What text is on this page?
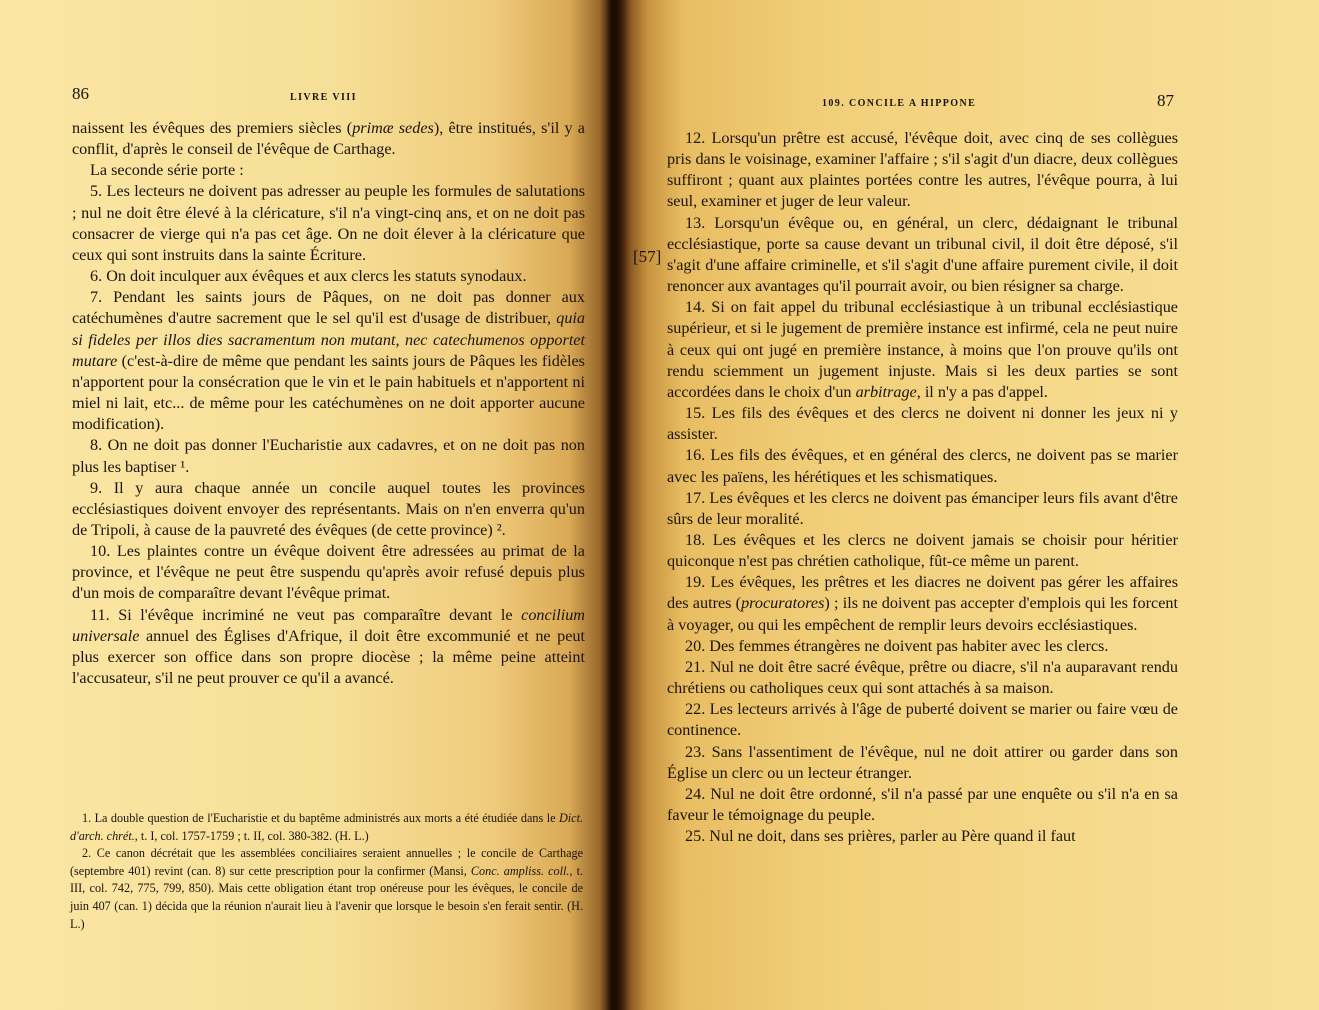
86	LIVRE VIII

naissent les évêques des premiers siècles (primæ sedes), être institués, s'il y a conflit, d'après le conseil de l'évêque de Carthage.

La seconde série porte :

5. Les lecteurs ne doivent pas adresser au peuple les formules de salutations ; nul ne doit être élevé à la cléricature, s'il n'a vingt-cinq ans, et on ne doit pas consacrer de vierge qui n'a pas cet âge. On ne doit élever à la cléricature que ceux qui sont instruits dans la sainte Écriture.

6. On doit inculquer aux évêques et aux clercs les statuts synodaux.

7. Pendant les saints jours de Pâques, on ne doit pas donner aux catéchumènes d'autre sacrement que le sel qu'il est d'usage de distribuer, quia si fideles per illos dies sacramentum non mutant, nec catechumenos opportet mutare (c'est-à-dire de même que pendant les saints jours de Pâques les fidèles n'apportent pour la consécration que le vin et le pain habituels et n'apportent ni miel ni lait, etc... de même pour les catéchumènes on ne doit apporter aucune modification).

8. On ne doit pas donner l'Eucharistie aux cadavres, et on ne doit pas non plus les baptiser ¹.

9. Il y aura chaque année un concile auquel toutes les provinces ecclésiastiques doivent envoyer des représentants. Mais on n'en enverra qu'un de Tripoli, à cause de la pauvreté des évêques (de cette province) ².

10. Les plaintes contre un évêque doivent être adressées au primat de la province, et l'évêque ne peut être suspendu qu'après avoir refusé depuis plus d'un mois de comparaître devant l'évêque primat.

11. Si l'évêque incriminé ne veut pas comparaître devant le concilium universale annuel des Églises d'Afrique, il doit être excommunié et ne peut plus exercer son office dans son propre diocèse ; la même peine atteint l'accusateur, s'il ne peut prouver ce qu'il a avancé.

1. La double question de l'Eucharistie et du baptême administrés aux morts a été étudiée dans le Dict. d'arch. chrét., t. I, col. 1757-1759 ; t. II, col. 380-382. (H. L.)

2. Ce canon décrétait que les assemblées conciliaires seraient annuelles ; le concile de Carthage (septembre 401) revint (can. 8) sur cette prescription pour la confirmer (Mansi, Conc. ampliss. coll., t. III, col. 742, 775, 799, 850). Mais cette obligation étant trop onéreuse pour les évêques, le concile de juin 407 (can. 1) décida que la réunion n'aurait lieu à l'avenir que lorsque le besoin s'en ferait sentir. (H. L.)

109. CONCILE A HIPPONE	87
[57]

12. Lorsqu'un prêtre est accusé, l'évêque doit, avec cinq de ses collègues pris dans le voisinage, examiner l'affaire ; s'il s'agit d'un diacre, deux collègues suffiront ; quant aux plaintes portées contre les autres, l'évêque pourra, à lui seul, examiner et juger de leur valeur.

13. Lorsqu'un évêque ou, en général, un clerc, dédaignant le tribunal ecclésiastique, porte sa cause devant un tribunal civil, il doit être déposé, s'il s'agit d'une affaire criminelle, et s'il s'agit d'une affaire purement civile, il doit renoncer aux avantages qu'il pourrait avoir, ou bien résigner sa charge.

14. Si on fait appel du tribunal ecclésiastique à un tribunal ecclésiastique supérieur, et si le jugement de première instance est infirmé, cela ne peut nuire à ceux qui ont jugé en première instance, à moins que l'on prouve qu'ils ont rendu sciemment un jugement injuste. Mais si les deux parties se sont accordées dans le choix d'un arbitrage, il n'y a pas d'appel.

15. Les fils des évêques et des clercs ne doivent ni donner les jeux ni y assister.

16. Les fils des évêques, et en général des clercs, ne doivent pas se marier avec les païens, les hérétiques et les schismatiques.

17. Les évêques et les clercs ne doivent pas émanciper leurs fils avant d'être sûrs de leur moralité.

18. Les évêques et les clercs ne doivent jamais se choisir pour héritier quiconque n'est pas chrétien catholique, fût-ce même un parent.

19. Les évêques, les prêtres et les diacres ne doivent pas gérer les affaires des autres (procuratores) ; ils ne doivent pas accepter d'emplois qui les forcent à voyager, ou qui les empêchent de remplir leurs devoirs ecclésiastiques.

20. Des femmes étrangères ne doivent pas habiter avec les clercs.

21. Nul ne doit être sacré évêque, prêtre ou diacre, s'il n'a auparavant rendu chrétiens ou catholiques ceux qui sont attachés à sa maison.

22. Les lecteurs arrivés à l'âge de puberté doivent se marier ou faire vœu de continence.

23. Sans l'assentiment de l'évêque, nul ne doit attirer ou garder dans son Église un clerc ou un lecteur étranger.

24. Nul ne doit être ordonné, s'il n'a passé par une enquête ou s'il n'a en sa faveur le témoignage du peuple.

25. Nul ne doit, dans ses prières, parler au Père quand il faut
